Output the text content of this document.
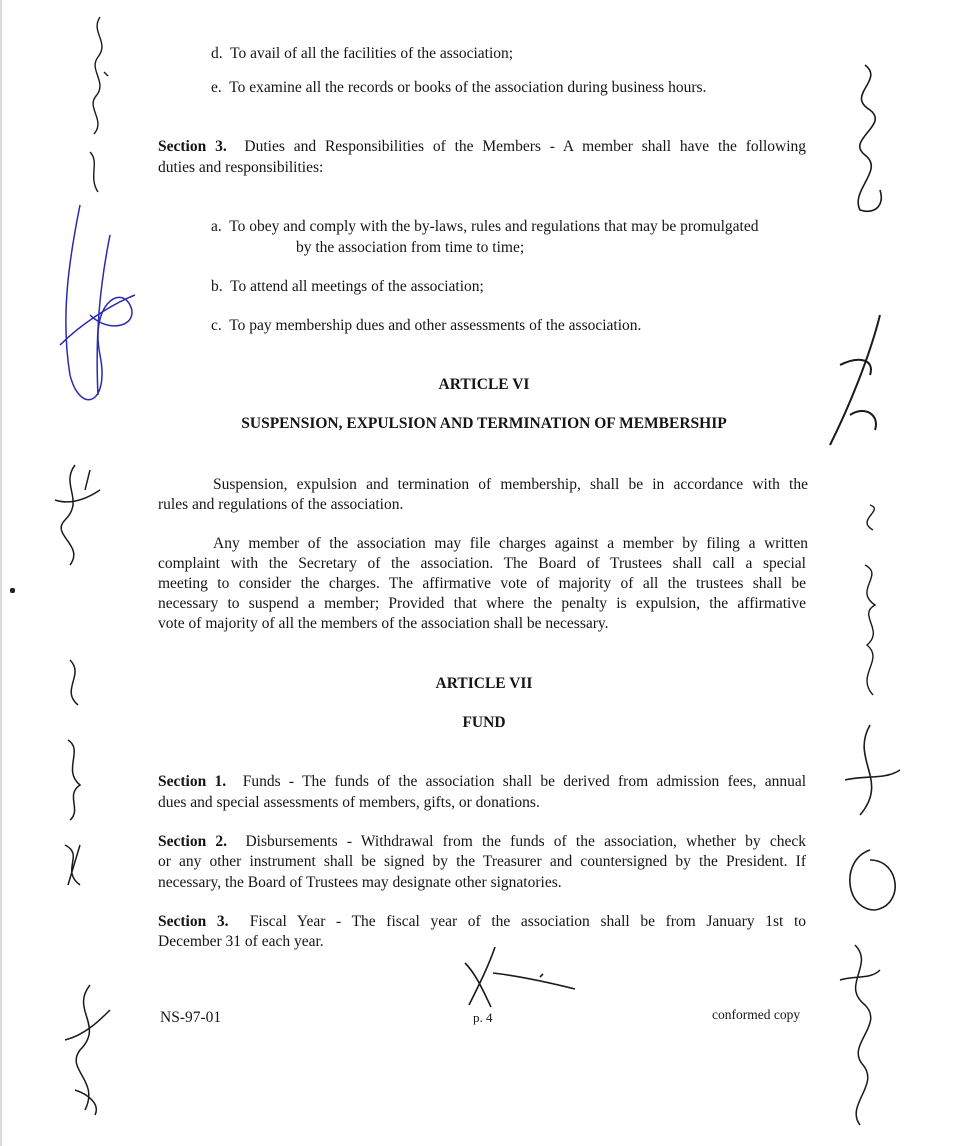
d. To avail of all the facilities of the association;
e. To examine all the records or books of the association during business hours.
Section 3. Duties and Responsibilities of the Members - A member shall have the following
duties and responsibilities:
a. To obey and comply with the by-laws, rules and regulations that may be promulgated
by the association from time to time;
b. To attend all meetings of the association;
c. To pay membership dues and other assessments of the association.
ARTICLE VI
SUSPENSION, EXPULSION AND TERMINATION OF MEMBERSHIP
Suspension, expulsion and termination of membership, shall be in accordance with the
rules and regulations of the association.
Any member of the association may file charges against a member by filing a written
complaint with the Secretary of the association. The Board of Trustees shall call a special
meeting to consider the charges. The affirmative vote of majority of all the trustees shall be
necessary to suspend a member; Provided that where the penalty is expulsion, the affirmative
vote of majority of all the members of the association shall be necessary.
ARTICLE VII
FUND
Section 1. Funds - The funds of the association shall be derived from admission fees, annual
dues and special assessments of members, gifts, or donations.
Section 2. Disbursements - Withdrawal from the funds of the association, whether by check
or any other instrument shall be signed by the Treasurer and countersigned by the President. If
necessary, the Board of Trustees may designate other signatories.
Section 3. Fiscal Year - The fiscal year of the association shall be from January 1st to
December 31 of each year.
NS-97-01	p. 4	conformed copy
